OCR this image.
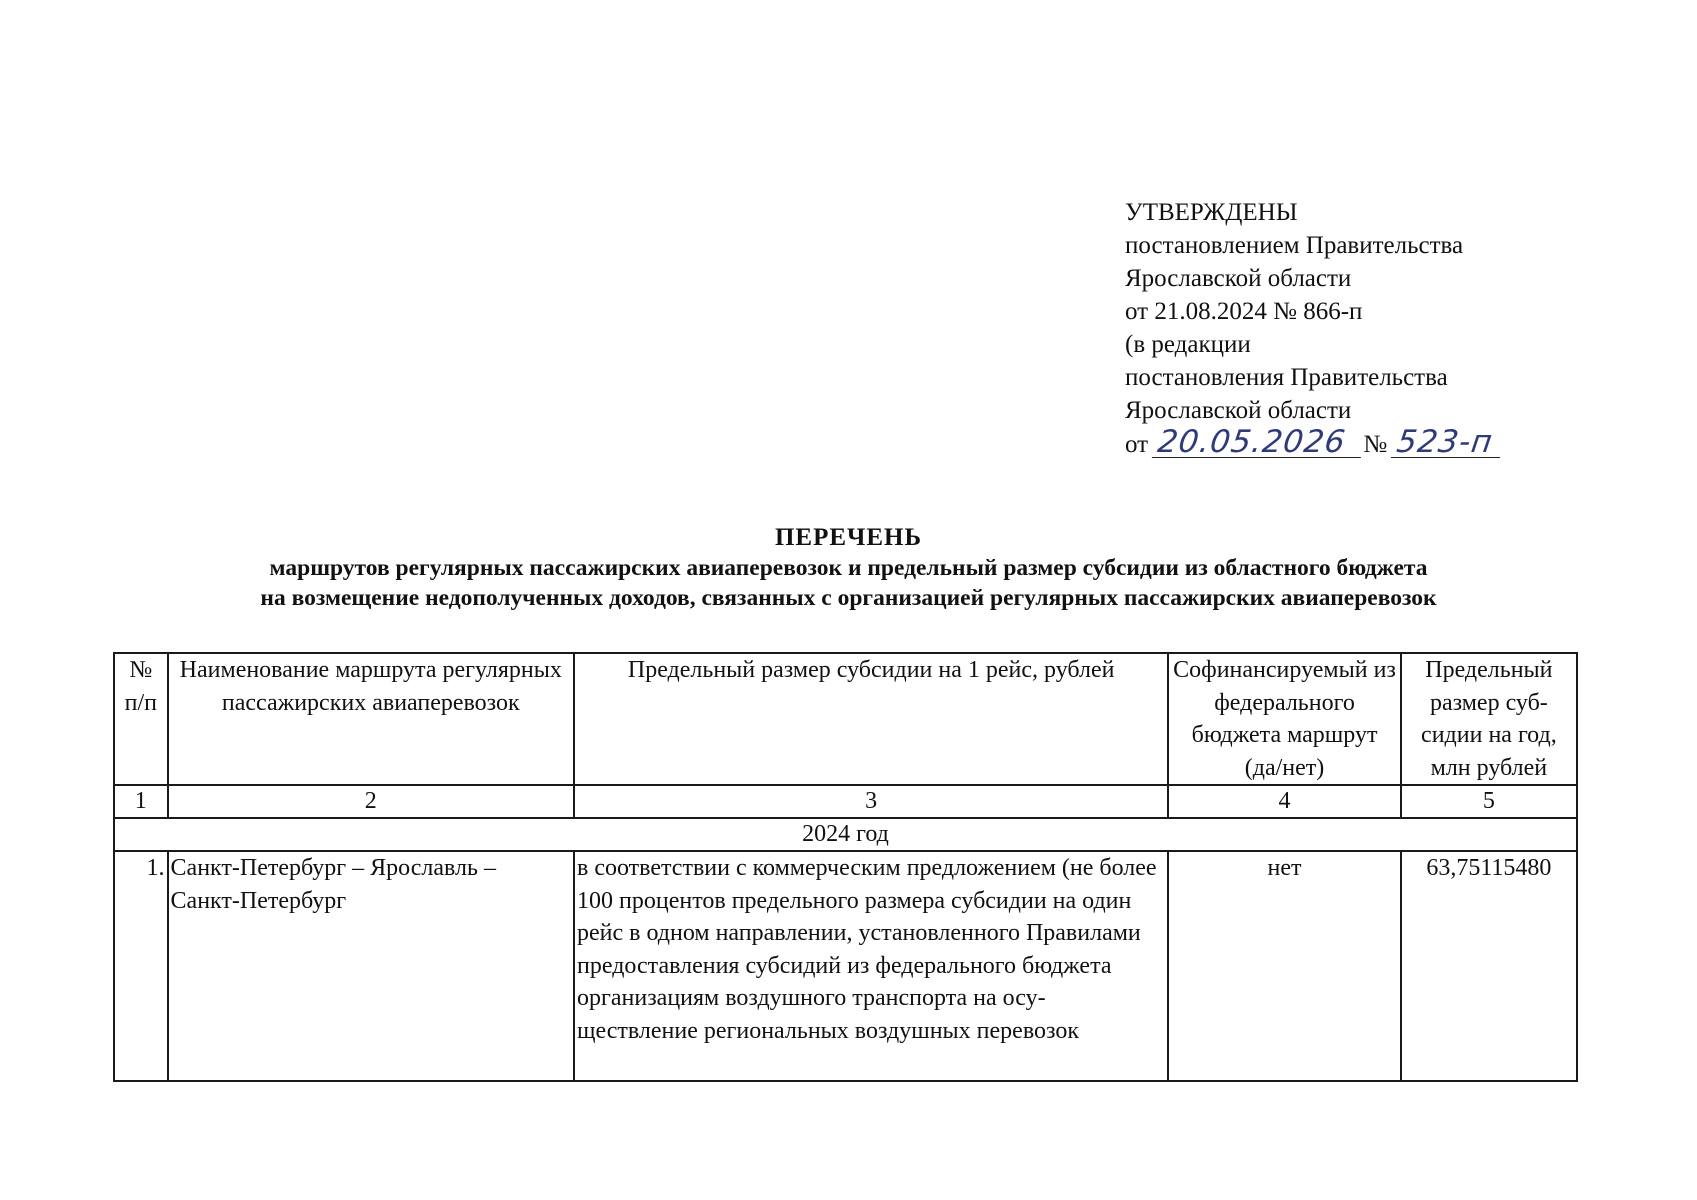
УТВЕРЖДЕНЫ
постановлением Правительства
Ярославской области
от 21.08.2024 № 866-п
(в редакции
постановления Правительства
Ярославской области
от 20.05.2026 № 523-п
ПЕРЕЧЕНЬ
маршрутов регулярных пассажирских авиаперевозок и предельный размер субсидии из областного бюджета
на возмещение недополученных доходов, связанных с организацией регулярных пассажирских авиаперевозок
№ п/п	Наименование маршрута регулярных пассажирских авиаперевозок	Предельный размер субсидии на 1 рейс, рублей	Софинансируемый из федерального бюджета маршрут (да/нет)	Предельный размер суб-сидии на год, млн рублей
1	2	3	4	5
2024 год				
1.	Санкт-Петербург – Ярославль – Санкт-Петербург	в соответствии с коммерческим предложением (не более 100 процентов предельного размера субсидии на один рейс в одном направлении, установленного Правилами предоставления субсидий из федерального бюджета организациям воздушного транспорта на осу-ществление региональных воздушных перевозок	нет	63,75115480
